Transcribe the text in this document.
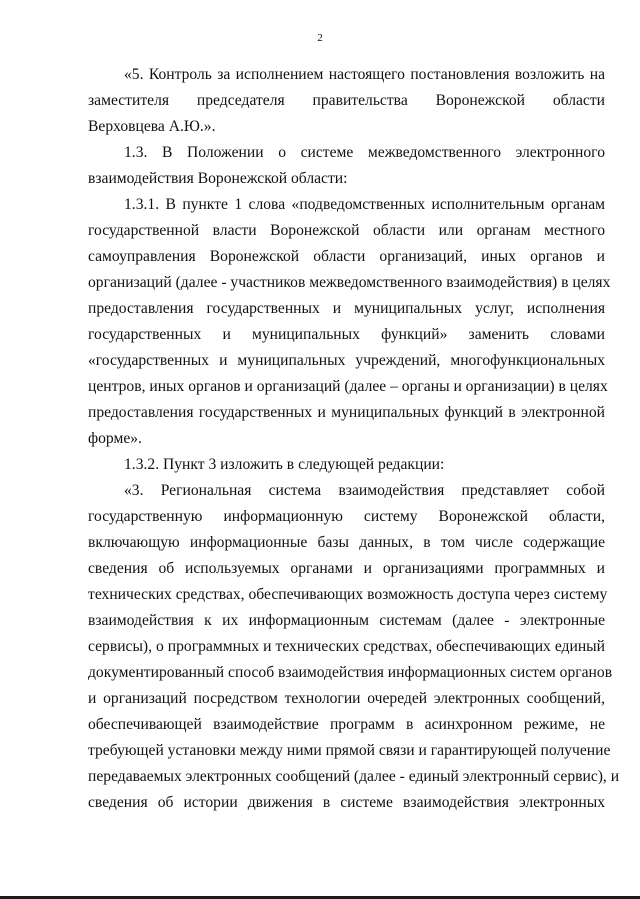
2
«5. Контроль за исполнением настоящего постановления возложить на
заместителя председателя правительства Воронежской области
Верховцева А.Ю.».
1.3. В Положении о системе межведомственного электронного
взаимодействия Воронежской области:
1.3.1. В пункте 1 слова «подведомственных исполнительным органам
государственной власти Воронежской области или органам местного
самоуправления Воронежской области организаций, иных органов и
организаций (далее - участников межведомственного взаимодействия) в целях
предоставления государственных и муниципальных услуг, исполнения
государственных и муниципальных функций» заменить словами
«государственных и муниципальных учреждений, многофункциональных
центров, иных органов и организаций (далее – органы и организации) в целях
предоставления государственных и муниципальных функций в электронной
форме».
1.3.2. Пункт 3 изложить в следующей редакции:
«3. Региональная система взаимодействия представляет собой
государственную информационную систему Воронежской области,
включающую информационные базы данных, в том числе содержащие
сведения об используемых органами и организациями программных и
технических средствах, обеспечивающих возможность доступа через систему
взаимодействия к их информационным системам (далее - электронные
сервисы), о программных и технических средствах, обеспечивающих единый
документированный способ взаимодействия информационных систем органов
и организаций посредством технологии очередей электронных сообщений,
обеспечивающей взаимодействие программ в асинхронном режиме, не
требующей установки между ними прямой связи и гарантирующей получение
передаваемых электронных сообщений (далее - единый электронный сервис), и
сведения об истории движения в системе взаимодействия электронных
